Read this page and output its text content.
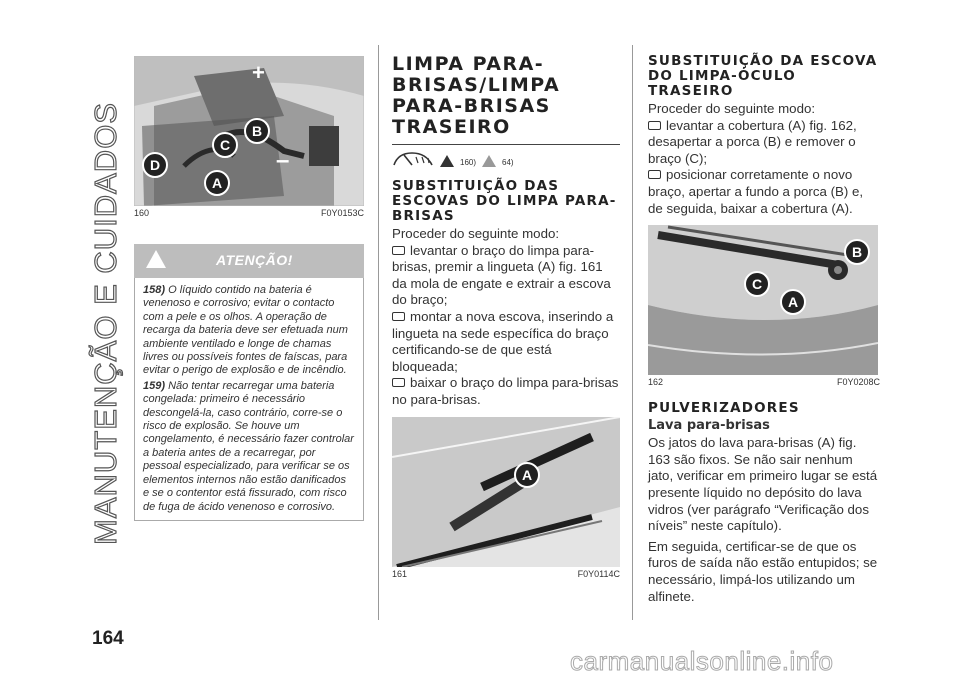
MANUTENÇÃO E CUIDADOS
164
+
–
B
C
D
A
160	F0Y0153C
ATENÇÃO!
158) O líquido contido na bateria é venenoso e corrosivo; evitar o contacto com a pele e os olhos. A operação de recarga da bateria deve ser efetuada num ambiente ventilado e longe de chamas livres ou possíveis fontes de faíscas, para evitar o perigo de explosão e de incêndio.
159) Não tentar recarregar uma bateria congelada: primeiro é necessário descongelá-la, caso contrário, corre-se o risco de explosão. Se houve um congelamento, é necessário fazer controlar a bateria antes de a recarregar, por pessoal especializado, para verificar se os elementos internos não estão danificados e se o contentor está fissurado, com risco de fuga de ácido venenoso e corrosivo.
LIMPA PARA-BRISAS/LIMPA PARA-BRISAS TRASEIRO
160)	64)
SUBSTITUIÇÃO DAS ESCOVAS DO LIMPA PARA-BRISAS

Proceder do seguinte modo:

levantar o braço do limpa para-brisas, premir a lingueta (A) fig. 161 da mola de engate e extrair a escova do braço;

montar a nova escova, inserindo a lingueta na sede específica do braço certificando-se de que está bloqueada;

baixar o braço do limpa para-brisas no para-brisas.

A
161	F0Y0114C
SUBSTITUIÇÃO DA ESCOVA DO LIMPA-ÓCULO TRASEIRO

Proceder do seguinte modo:

levantar a cobertura (A) fig. 162, desapertar a porca (B) e remover o braço (C);

posicionar corretamente o novo braço, apertar a fundo a porca (B) e, de seguida, baixar a cobertura (A).

B
C
A
162	F0Y0208C
PULVERIZADORES
Lava para-brisas

Os jatos do lava para-brisas (A) fig. 163 são fixos. Se não sair nenhum jato, verificar em primeiro lugar se está presente líquido no depósito do lava vidros (ver parágrafo “Verificação dos níveis” neste capítulo).

Em seguida, certificar-se de que os furos de saída não estão entupidos; se necessário, limpá-los utilizando um alfinete.

carmanualsonline.info
